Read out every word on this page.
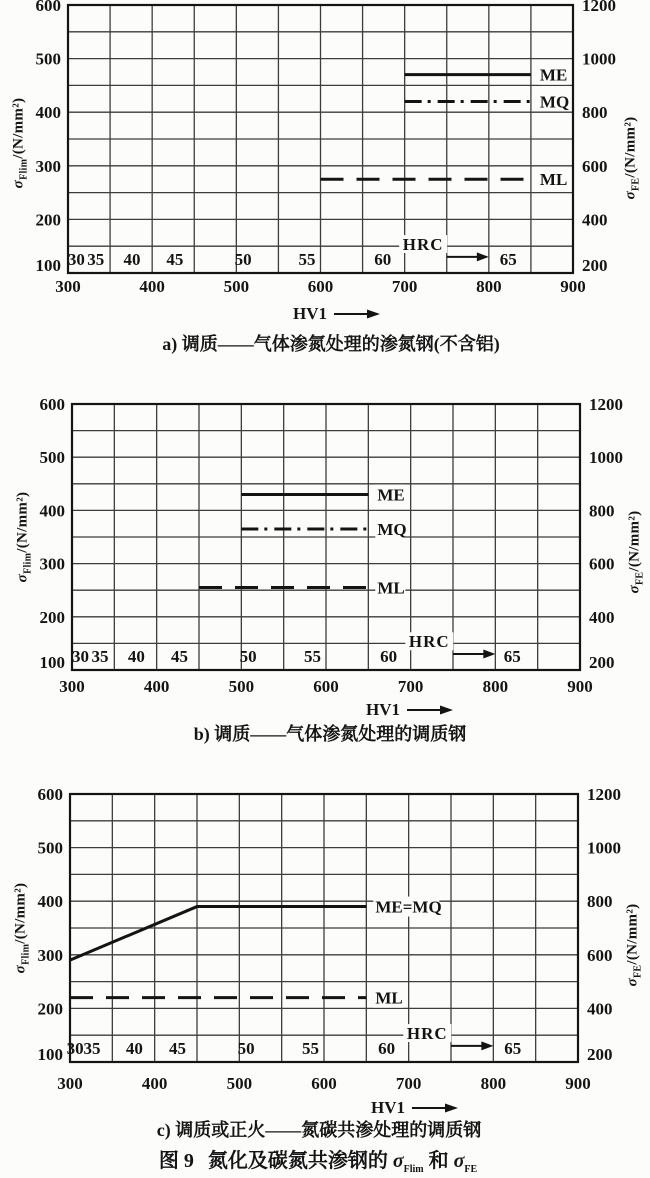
HRC
30 35 40 45	50	55	60	65
ME
MQ
ML
600
500
400
300
200
100
1200
1000
800
600
400
200
300	400	500	600	700	800	900
HRC
30 35 40 45	50	55	60	65
ME
MQ
ML
600
500
400
300
200
100
1200
1000
800
600
400
200
300	400	500	600	700	800	900
HRC
30 35 40 45	50	55	60	65
ME=MQ
ML
600
500
400
300
200
100
1200
1000
800
600
400
200
300	400	500	600	700	800	900
$\sigma_{Flim}/(N/mm^2)$
$\sigma_{FE}/(N/mm^2)$
$\sigma_{Flim}/(N/mm^2)$
$\sigma_{FE}/(N/mm^2)$
$\sigma_{Flim}/(N/mm^2)$
$\sigma_{FE}/(N/mm^2)$
HV1
HV1
HV1
a) 调质——气体渗氮处理的渗氮钢(不含铝)
b) 调质——气体渗氮处理的调质钢
c) 调质或正火——氮碳共渗处理的调质钢
图 9 氮化及碳氮共渗钢的 $\sigma_{Flim}$ 和 $\sigma_{FE}$
